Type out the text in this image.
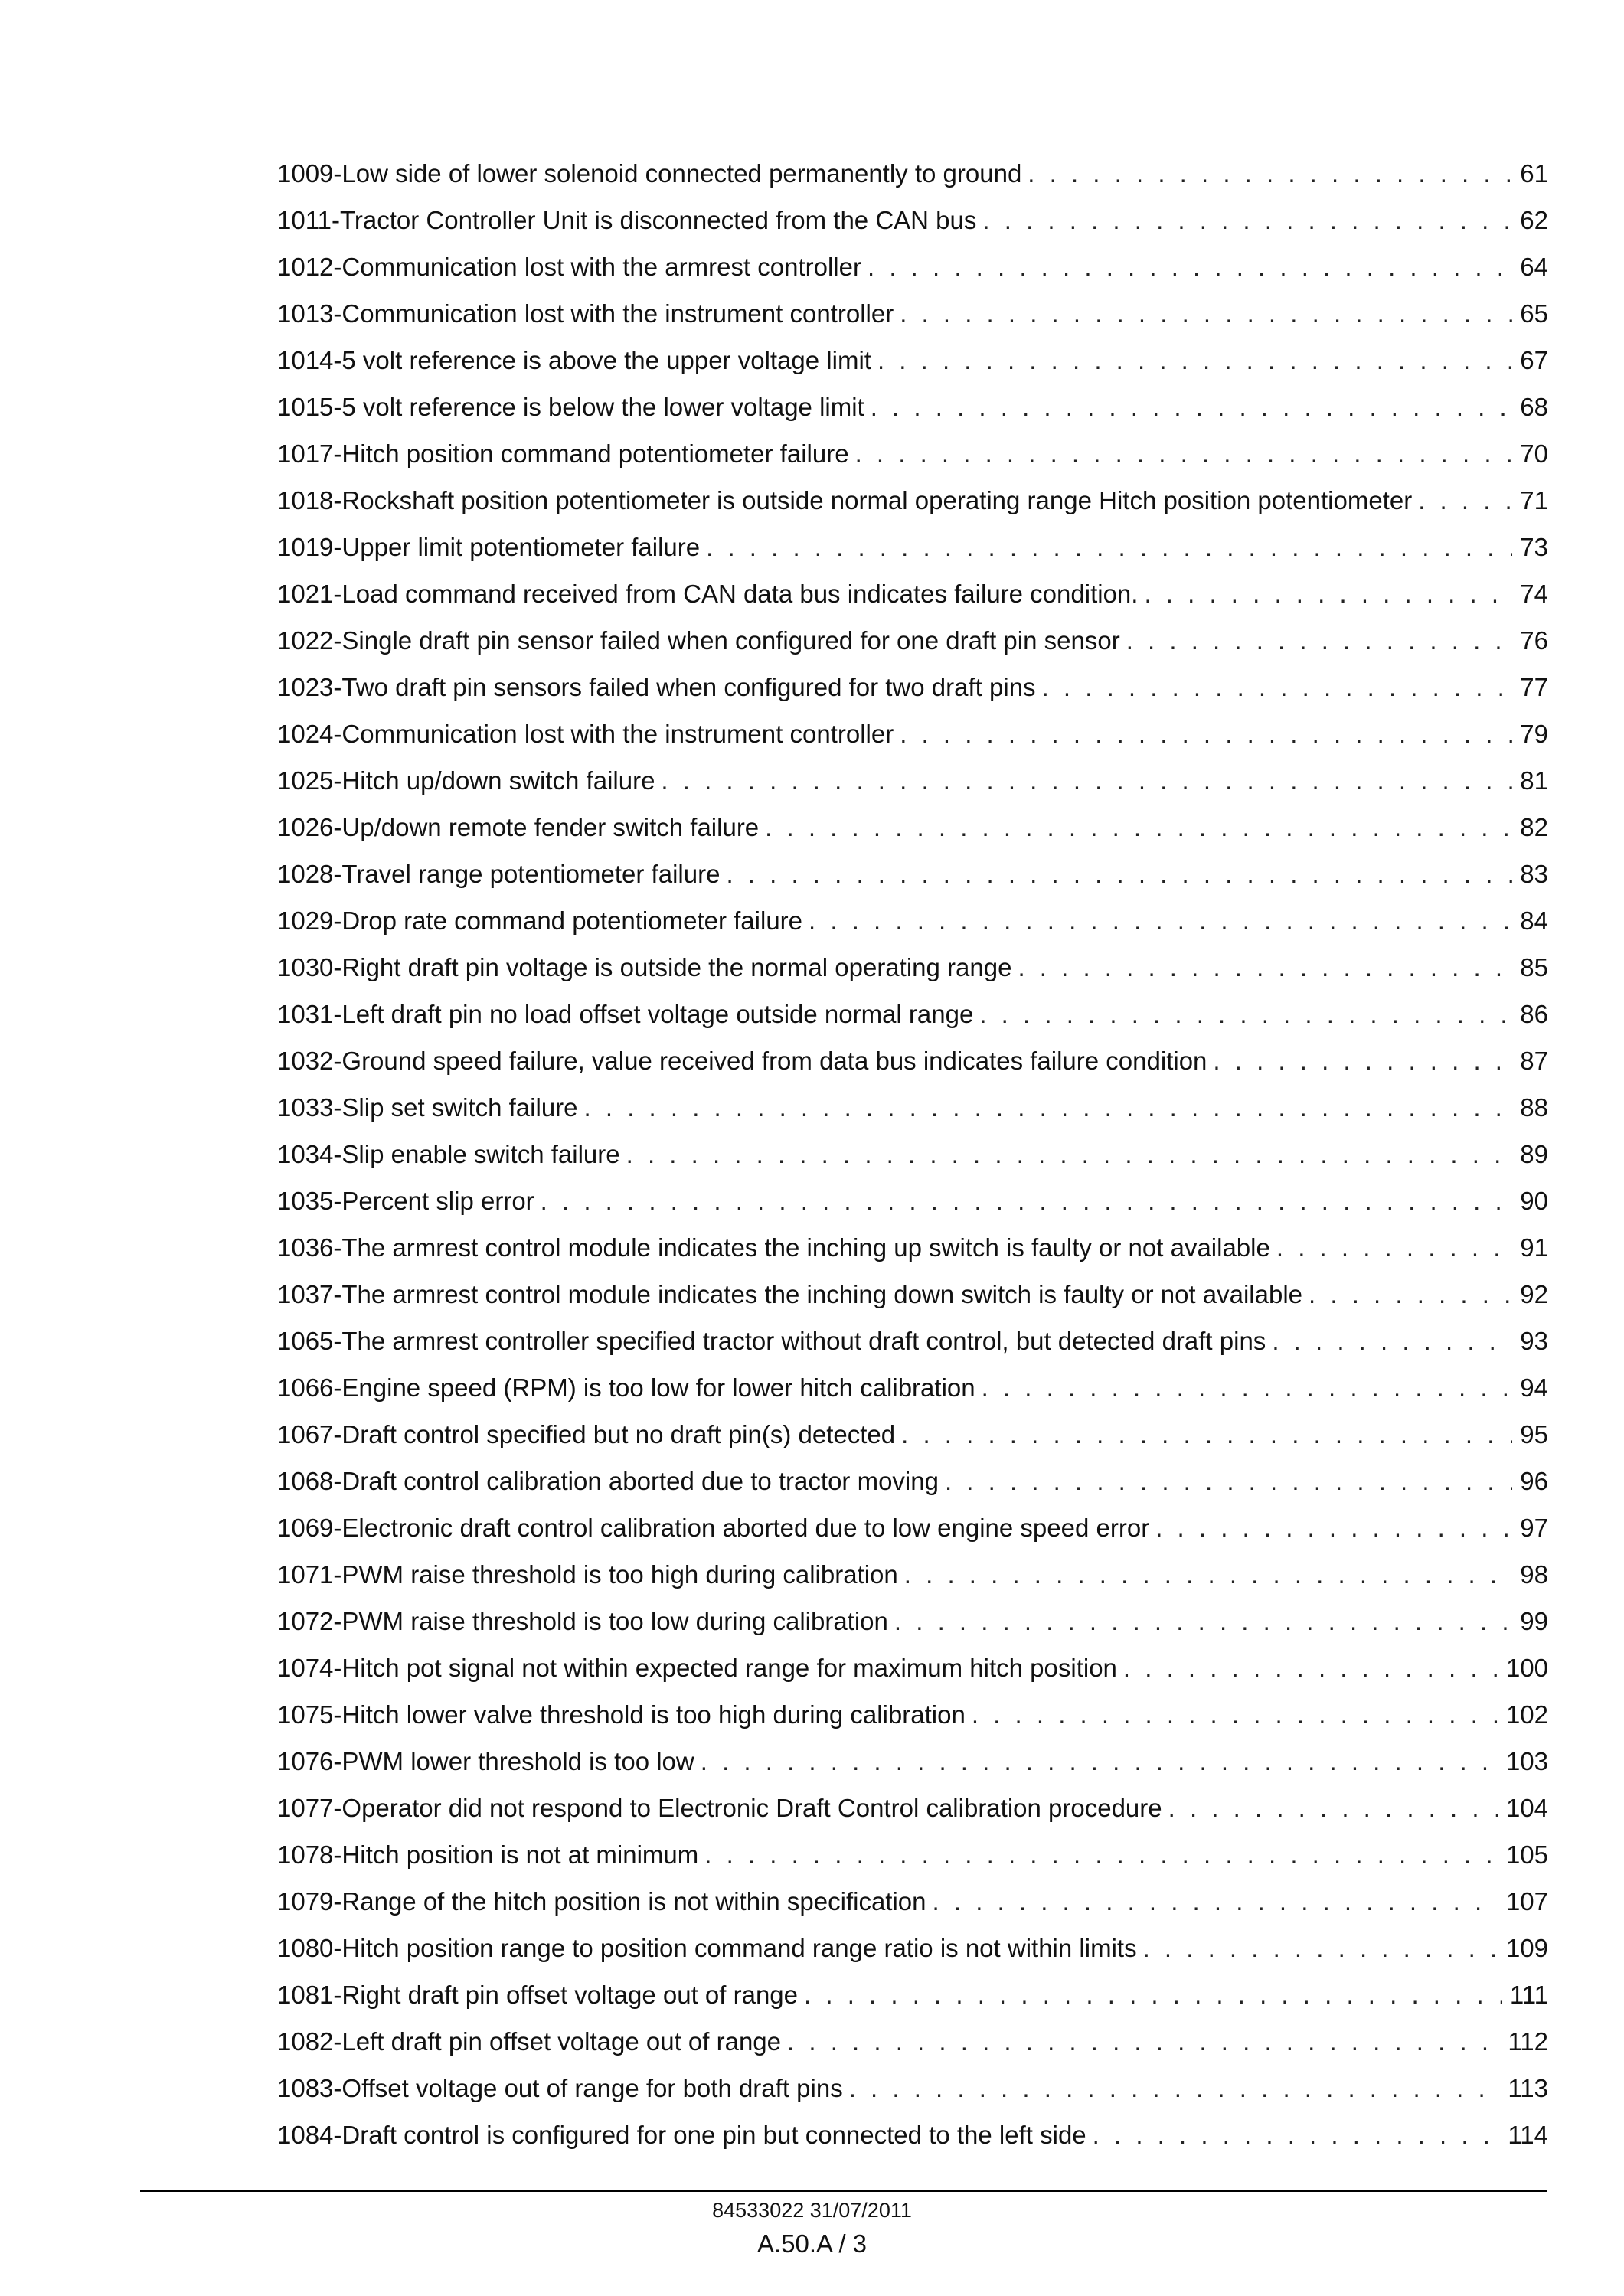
1009-Low side of lower solenoid connected permanently to ground . . .	61
1011-Tractor Controller Unit is disconnected from the CAN bus . . .	62
1012-Communication lost with the armrest controller . . .	64
1013-Communication lost with the instrument controller . . .	65
1014-5 volt reference is above the upper voltage limit . . .	67
1015-5 volt reference is below the lower voltage limit . . .	68
1017-Hitch position command potentiometer failure . . .	70
1018-Rockshaft position potentiometer is outside normal operating range Hitch position potentiometer . . .	71
1019-Upper limit potentiometer failure . . .	73
1021-Load command received from CAN data bus indicates failure condition. . . .	74
1022-Single draft pin sensor failed when configured for one draft pin sensor . . .	76
1023-Two draft pin sensors failed when configured for two draft pins . . .	77
1024-Communication lost with the instrument controller . . .	79
1025-Hitch up/down switch failure . . .	81
1026-Up/down remote fender switch failure . . .	82
1028-Travel range potentiometer failure . . .	83
1029-Drop rate command potentiometer failure . . .	84
1030-Right draft pin voltage is outside the normal operating range . . .	85
1031-Left draft pin no load offset voltage outside normal range . . .	86
1032-Ground speed failure, value received from data bus indicates failure condition . . .	87
1033-Slip set switch failure . . .	88
1034-Slip enable switch failure . . .	89
1035-Percent slip error . . .	90
1036-The armrest control module indicates the inching up switch is faulty or not available . . .	91
1037-The armrest control module indicates the inching down switch is faulty or not available . . .	92
1065-The armrest controller specified tractor without draft control, but detected draft pins . . .	93
1066-Engine speed (RPM) is too low for lower hitch calibration . . .	94
1067-Draft control specified but no draft pin(s) detected . . .	95
1068-Draft control calibration aborted due to tractor moving . . .	96
1069-Electronic draft control calibration aborted due to low engine speed error . . .	97
1071-PWM raise threshold is too high during calibration . . .	98
1072-PWM raise threshold is too low during calibration . . .	99
1074-Hitch pot signal not within expected range for maximum hitch position . . .	100
1075-Hitch lower valve threshold is too high during calibration . . .	102
1076-PWM lower threshold is too low . . .	103
1077-Operator did not respond to Electronic Draft Control calibration procedure . . .	104
1078-Hitch position is not at minimum . . .	105
1079-Range of the hitch position is not within specification . . .	107
1080-Hitch position range to position command range ratio is not within limits . . .	109
1081-Right draft pin offset voltage out of range . . .	111
1082-Left draft pin offset voltage out of range . . .	112
1083-Offset voltage out of range for both draft pins . . .	113
1084-Draft control is configured for one pin but connected to the left side . . .	114
84533022 31/07/2011
A.50.A / 3
